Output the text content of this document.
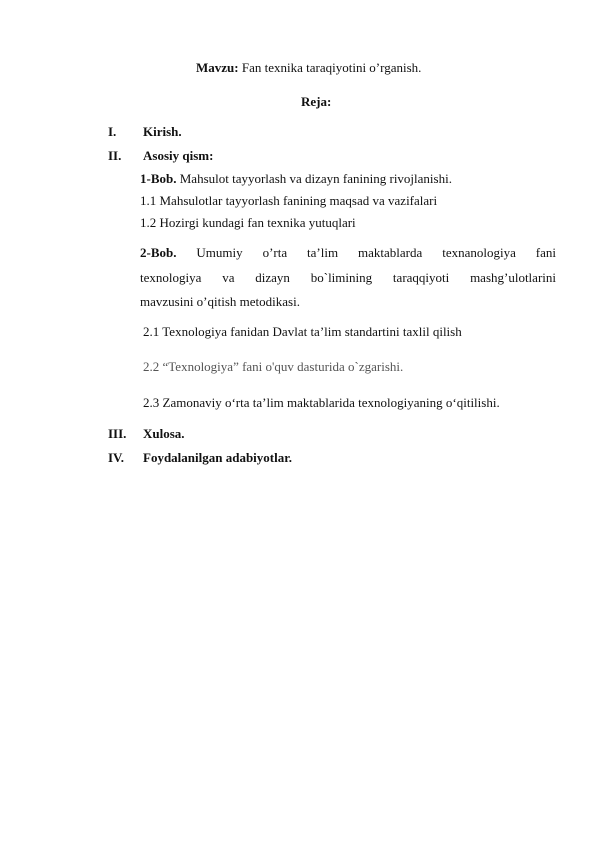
Mavzu: Fan texnika taraqiyotini o’rganish.
Reja:
I. Kirish.
II. Asosiy qism:
1-Bob. Mahsulot tayyorlash va dizayn fanining rivojlanishi.
1.1 Mahsulotlar tayyorlash fanining maqsad va vazifalari
1.2 Hozirgi kundagi fan texnika yutuqlari
2-Bob. Umumiy o’rta ta’lim maktablarda texnanologiya fani
texnologiya va dizayn bo`limining taraqqiyoti mashg’ulotlarini
mavzusini o’qitish metodikasi.
2.1 Texnologiya fanidan Davlat ta’lim standartini taxlil qilish
2.2 “Texnologiya” fani o'quv dasturida o`zgarishi.
2.3 Zamonaviy o‘rta ta’lim maktablarida texnologiyaning o‘qitilishi.
III. Xulosa.
IV. Foydalanilgan adabiyotlar.
